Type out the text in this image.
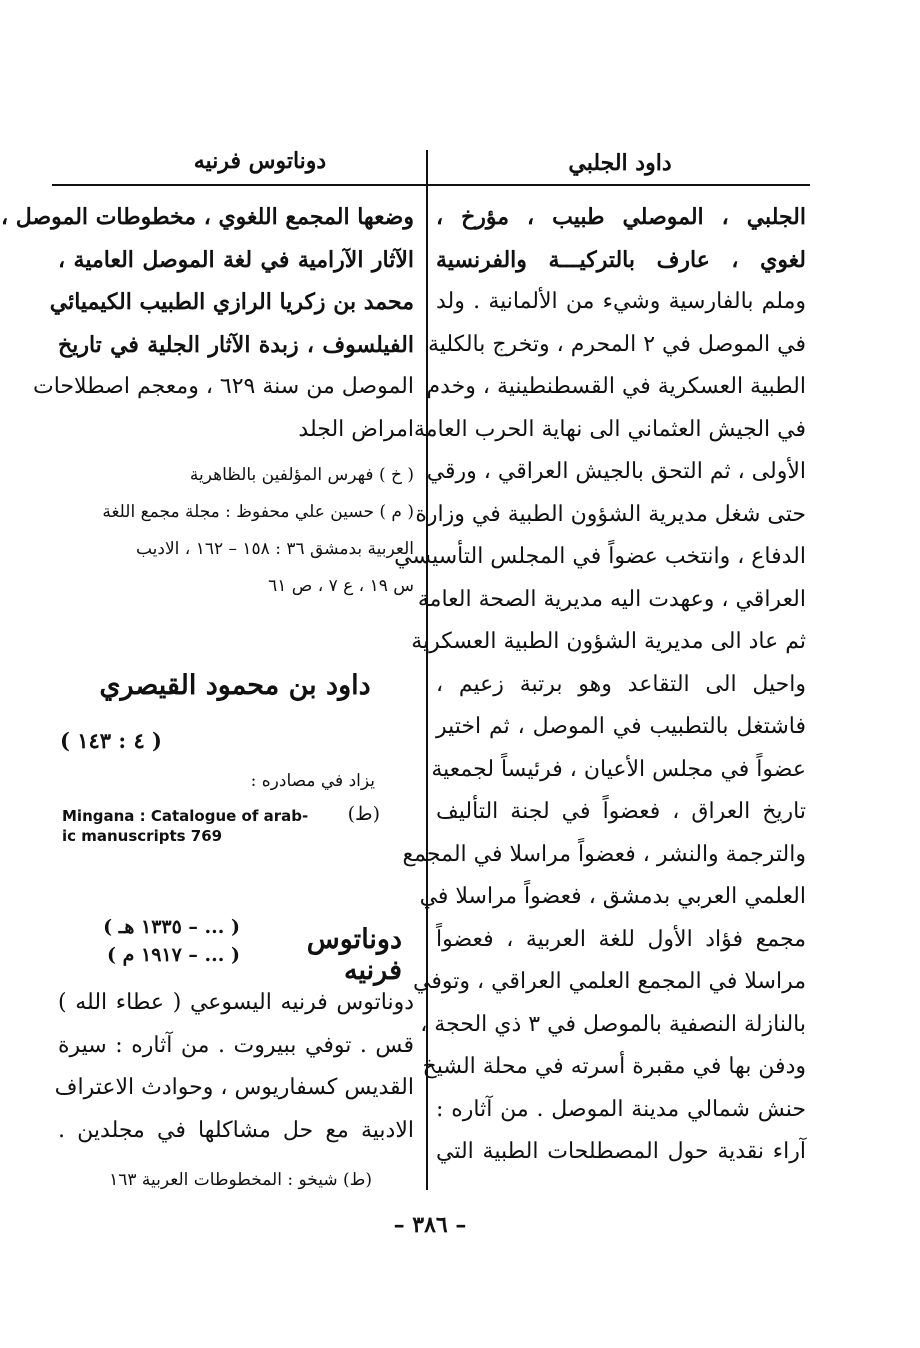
داود الجلبي
دوناتوس فرنيه
الجلبي ، الموصلي طبيب ، مؤرخ ،
لغوي ، عارف بالتركيـــة والفرنسية
وملم بالفارسية وشيء من الألمانية . ولد
في الموصل في ٢ المحرم ، وتخرج بالكلية
الطبية العسكرية في القسطنطينية ، وخدم
في الجيش العثماني الى نهاية الحرب العامة
الأولى ، ثم التحق بالجيش العراقي ، ورقي
حتى شغل مديرية الشؤون الطبية في وزارة
الدفاع ، وانتخب عضواً في المجلس التأسيسي
العراقي ، وعهدت اليه مديرية الصحة العامة
ثم عاد الى مديرية الشؤون الطبية العسكرية
واحيل الى التقاعد وهو برتبة زعيم ،
فاشتغل بالتطبيب في الموصل ، ثم اختير
عضواً في مجلس الأعيان ، فرئيساً لجمعية
تاريخ العراق ، فعضواً في لجنة التأليف
والترجمة والنشر ، فعضواً مراسلا في المجمع
العلمي العربي بدمشق ، فعضواً مراسلا في
مجمع فؤاد الأول للغة العربية ، فعضواً
مراسلا في المجمع العلمي العراقي ، وتوفي
بالنازلة النصفية بالموصل في ٣ ذي الحجة ،
ودفن بها في مقبرة أسرته في محلة الشيخ
حنش شمالي مدينة الموصل . من آثاره :
آراء نقدية حول المصطلحات الطبية التي
وضعها المجمع اللغوي ، مخطوطات الموصل ،
الآثار الآرامية في لغة الموصل العامية ،
محمد بن زكريا الرازي الطبيب الكيميائي
الفيلسوف ، زبدة الآثار الجلية في تاريخ
الموصل من سنة ٦٢٩ ، ومعجم اصطلاحات
امراض الجلد
( خ ) فهرس المؤلفين بالظاهرية
( م ) حسين علي محفوظ : مجلة مجمع اللغة
العربية بدمشق ٣٦ : ١٥٨ – ١٦٢ ، الاديب
س ١٩ ، ع ٧ ، ص ٦١
داود بن محمود القيصري
( ٤ : ١٤٣ )
يزاد في مصادره :
(ط)
Mingana : Catalogue of arab-
ic manuscripts 769
دوناتوس فرنيه
( ... – ١٣٣٥ هـ )
( ... – ١٩١٧ م )
دوناتوس فرنيه اليسوعي ( عطاء الله )
قس . توفي ببيروت . من آثاره : سيرة
القديس كسفاريوس ، وحوادث الاعتراف
الادبية مع حل مشاكلها في مجلدين .
(ط) شيخو : المخطوطات العربية ١٦٣
– ٣٨٦ –
